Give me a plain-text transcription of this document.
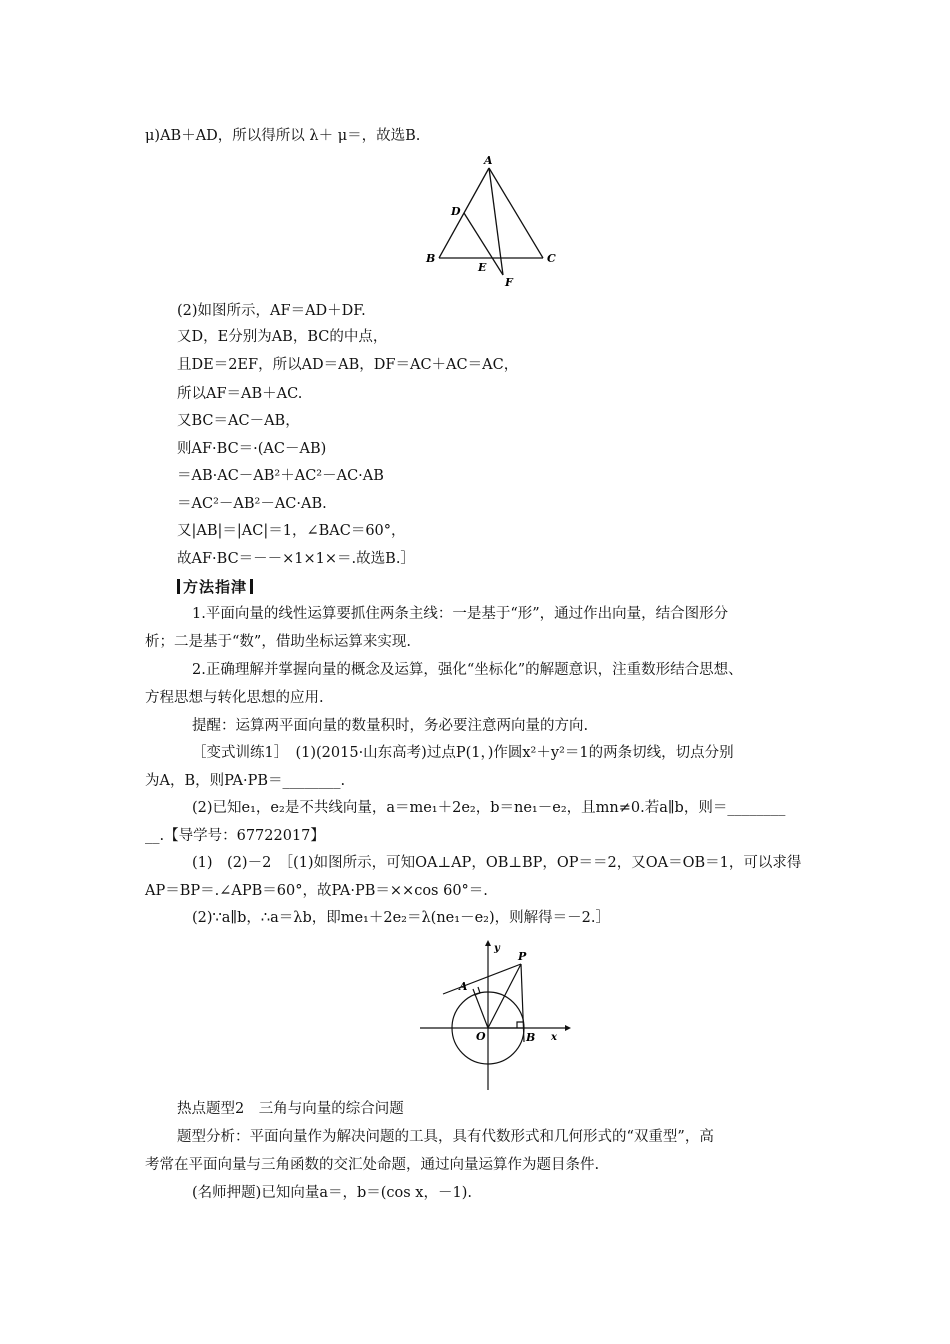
μ)AB＋AD，所以得所以 λ＋ μ＝，故选B.
A
B	C
D
E
F
(2)如图所示，AF＝AD＋DF.
又D，E分别为AB，BC的中点，
且DE＝2EF，所以AD＝AB，DF＝AC＋AC＝AC，
所以AF＝AB＋AC.
又BC＝AC－AB，
则AF·BC＝·(AC－AB)
＝AB·AC－AB²＋AC²－AC·AB
＝AC²－AB²－AC·AB.
又|AB|＝|AC|＝1，∠BAC＝60°，
故AF·BC＝－－×1×1×＝.故选B.］
方法指津
1.平面向量的线性运算要抓住两条主线：一是基于“形”，通过作出向量，结合图形分
析；二是基于“数”，借助坐标运算来实现.
2.正确理解并掌握向量的概念及运算，强化“坐标化”的解题意识，注重数形结合思想、
方程思想与转化思想的应用.
提醒：运算两平面向量的数量积时，务必要注意两向量的方向.
［变式训练1］　(1)(2015·山东高考)过点P(1，)作圆x²＋y²＝1的两条切线，切点分别
为A，B，则PA·PB＝________.
(2)已知e₁，e₂是不共线向量，a＝me₁＋2e₂，b＝ne₁－e₂，且mn≠0.若a∥b，则＝________
__.【导学号：67722017】
(1)　(2)－2　［(1)如图所示，可知OA⊥AP，OB⊥BP，OP＝＝2，又OA＝OB＝1，可以求得
AP＝BP＝.∠APB＝60°，故PA·PB＝××cos 60°＝.
(2)∵a∥b，∴a＝λb，即me₁＋2e₂＝λ(ne₁－e₂)，则解得＝－2.］
y
P
A
O	B x
热点题型2　三角与向量的综合问题
题型分析：平面向量作为解决问题的工具，具有代数形式和几何形式的“双重型”，高
考常在平面向量与三角函数的交汇处命题，通过向量运算作为题目条件.
(名师押题)已知向量a＝，b＝(cos x，－1).
